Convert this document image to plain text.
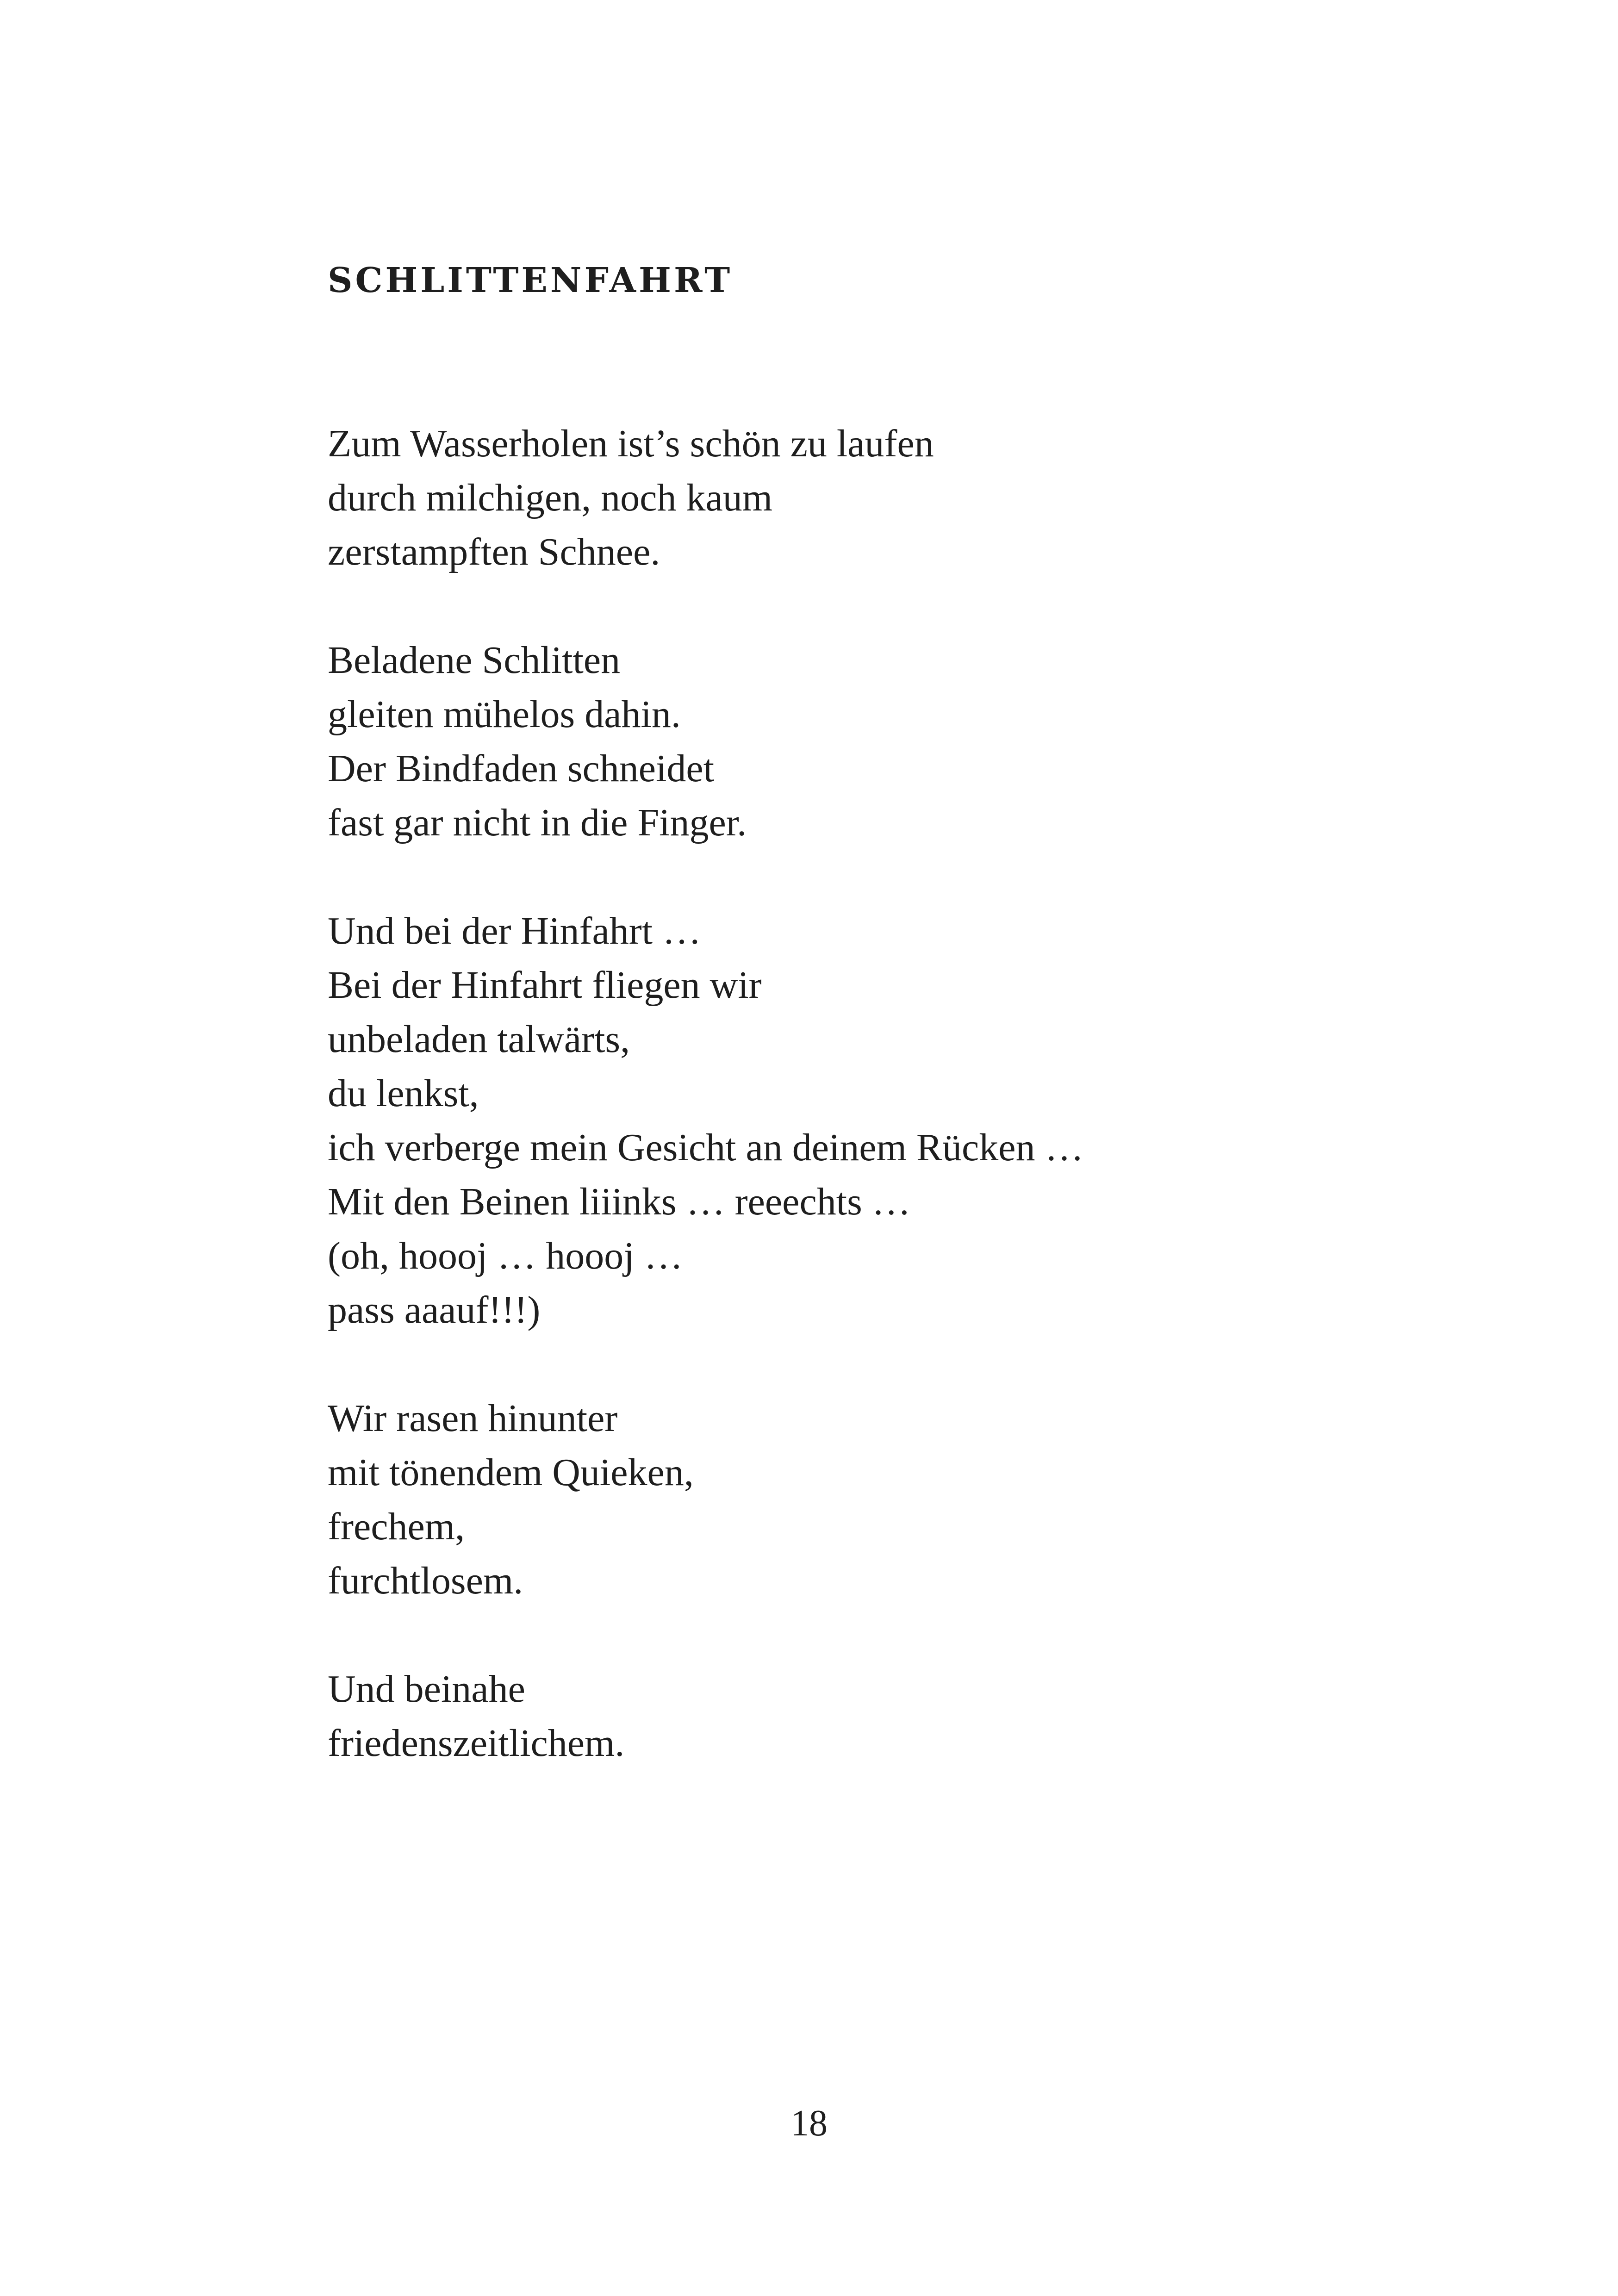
SCHLITTENFAHRT
Zum Wasserholen ist’s schön zu laufen
durch milchigen, noch kaum
zerstampften Schnee.
Beladene Schlitten
gleiten mühelos dahin.
Der Bindfaden schneidet
fast gar nicht in die Finger.
Und bei der Hinfahrt …
Bei der Hinfahrt fliegen wir
unbeladen talwärts,
du lenkst,
ich verberge mein Gesicht an deinem Rücken …
Mit den Beinen liiinks … reeechts …
(oh, hoooj … hoooj …
pass aaauf!!!)
Wir rasen hinunter
mit tönendem Quieken,
frechem,
furchtlosem.
Und beinahe
friedenszeitlichem.
18
